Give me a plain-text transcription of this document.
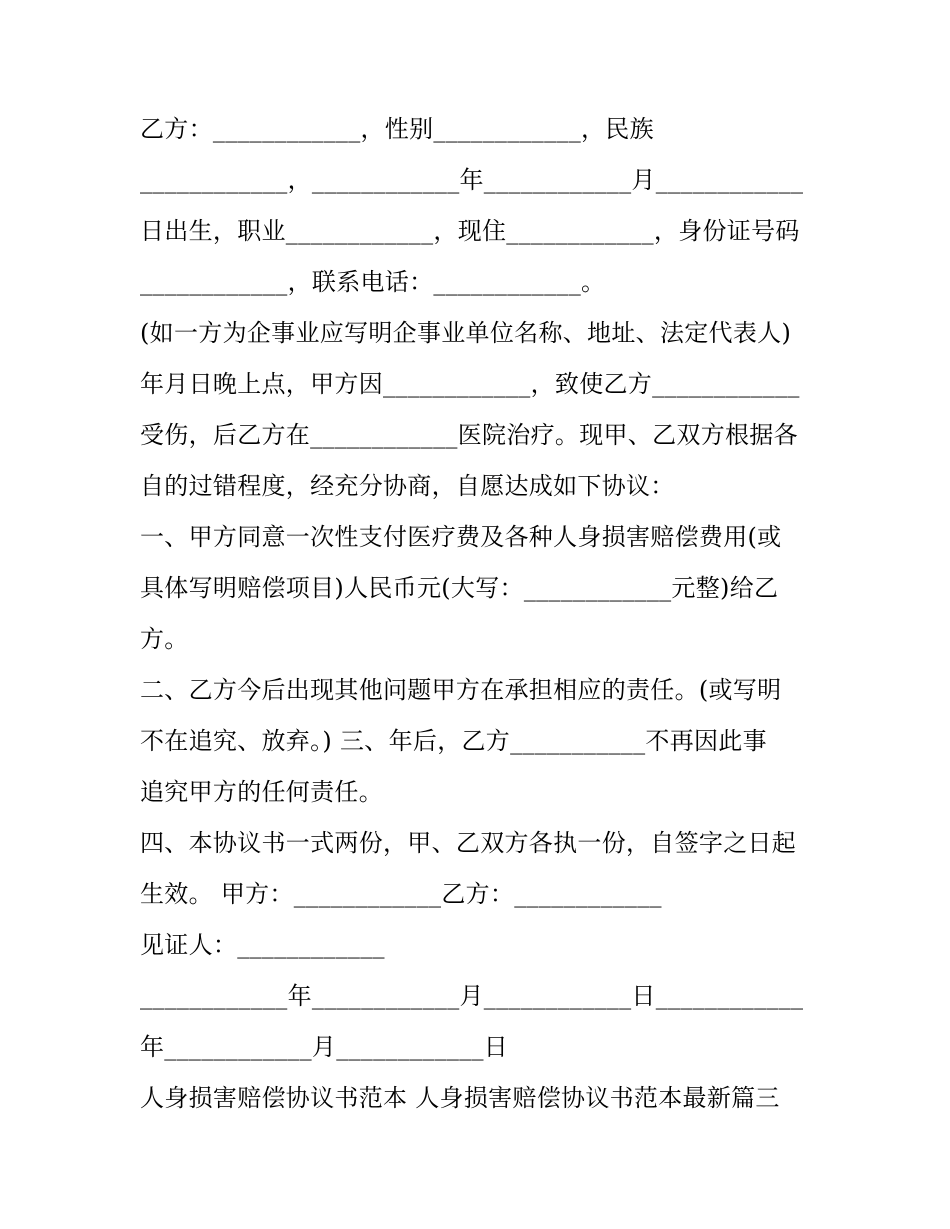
乙方：____________，性别____________，民族
____________，____________年____________月____________
日出生，职业____________，现住____________，身份证号码
____________，联系电话：____________。
(如一方为企事业应写明企事业单位名称、地址、法定代表人)
年月日晚上点，甲方因____________，致使乙方____________
受伤，后乙方在____________医院治疗。现甲、乙双方根据各
自的过错程度，经充分协商，自愿达成如下协议：
一、甲方同意一次性支付医疗费及各种人身损害赔偿费用(或
具体写明赔偿项目)人民币元(大写：____________元整)给乙
方。
二、乙方今后出现其他问题甲方在承担相应的责任。(或写明
不在追究、放弃。) 三、年后，乙方___________不再因此事
追究甲方的任何责任。
四、本协议书一式两份，甲、乙双方各执一份，自签字之日起
生效。 甲方：____________乙方：____________
见证人：____________
____________年____________月____________日____________
年____________月____________日
人身损害赔偿协议书范本 人身损害赔偿协议书范本最新篇三
